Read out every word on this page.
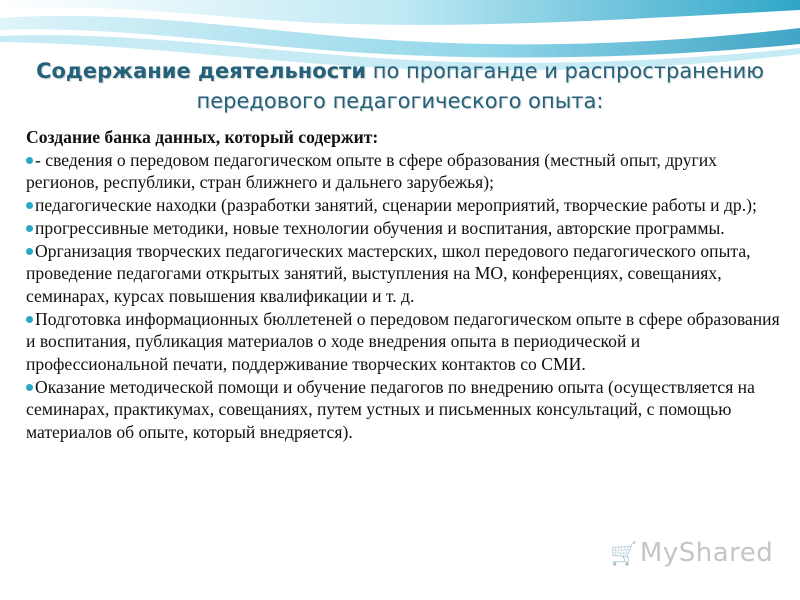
Содержание деятельности по пропаганде и распространению
передового педагогического опыта:
Создание банка данных, который содержит:
- сведения о передовом педагогическом опыте в сфере образования (местный опыт, других регионов, республики, стран ближнего и дальнего зарубежья);
педагогические находки (разработки занятий, сценарии мероприятий, творческие работы и др.);
прогрессивные методики, новые технологии обучения и воспитания, авторские программы.
Организация творческих педагогических мастерских, школ передового педагогического опыта, проведение педагогами открытых занятий, выступления на МО, конференциях, совещаниях, семинарах, курсах повышения квалификации и т. д.
Подготовка информационных бюллетеней о передовом педагогическом опыте в сфере образования и воспитания, публикация материалов о ходе внедрения опыта в периодической и профессиональной печати, поддерживание творческих контактов со СМИ.
Оказание методической помощи и обучение педагогов по внедрению опыта (осуществляется на семинарах, практикумах, совещаниях, путем устных и письменных консультаций, с помощью материалов об опыте, который внедряется).
🛒MyShared
